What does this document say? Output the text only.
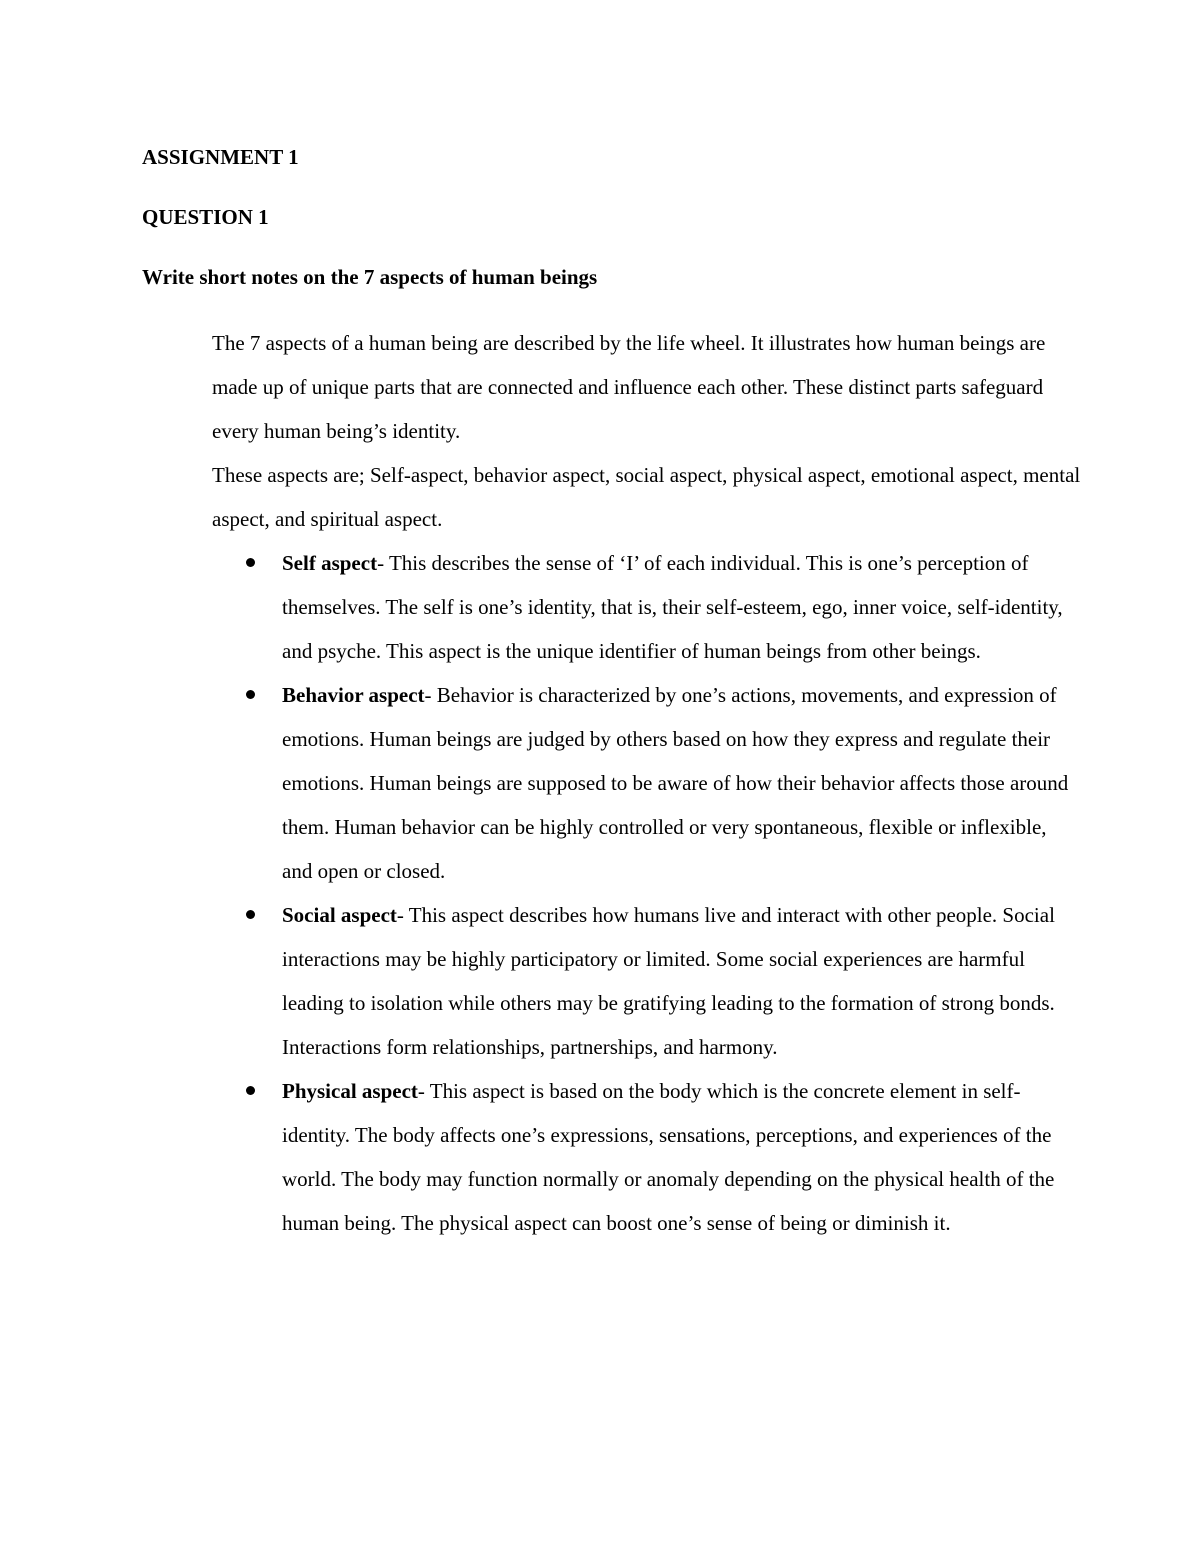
ASSIGNMENT 1
QUESTION 1
Write short notes on the 7 aspects of human beings

The 7 aspects of a human being are described by the life wheel. It illustrates how human beings are made up of unique parts that are connected and influence each other. These distinct parts safeguard every human being’s identity.

These aspects are; Self-aspect, behavior aspect, social aspect, physical aspect, emotional aspect, mental aspect, and spiritual aspect.

Self aspect- This describes the sense of ‘I’ of each individual. This is one’s perception of themselves. The self is one’s identity, that is, their self-esteem, ego, inner voice, self-identity, and psyche. This aspect is the unique identifier of human beings from other beings.
Behavior aspect- Behavior is characterized by one’s actions, movements, and expression of emotions. Human beings are judged by others based on how they express and regulate their emotions. Human beings are supposed to be aware of how their behavior affects those around them. Human behavior can be highly controlled or very spontaneous, flexible or inflexible, and open or closed.
Social aspect- This aspect describes how humans live and interact with other people. Social interactions may be highly participatory or limited. Some social experiences are harmful leading to isolation while others may be gratifying leading to the formation of strong bonds. Interactions form relationships, partnerships, and harmony.
Physical aspect- This aspect is based on the body which is the concrete element in self-identity. The body affects one’s expressions, sensations, perceptions, and experiences of the world. The body may function normally or anomaly depending on the physical health of the human being. The physical aspect can boost one’s sense of being or diminish it.
